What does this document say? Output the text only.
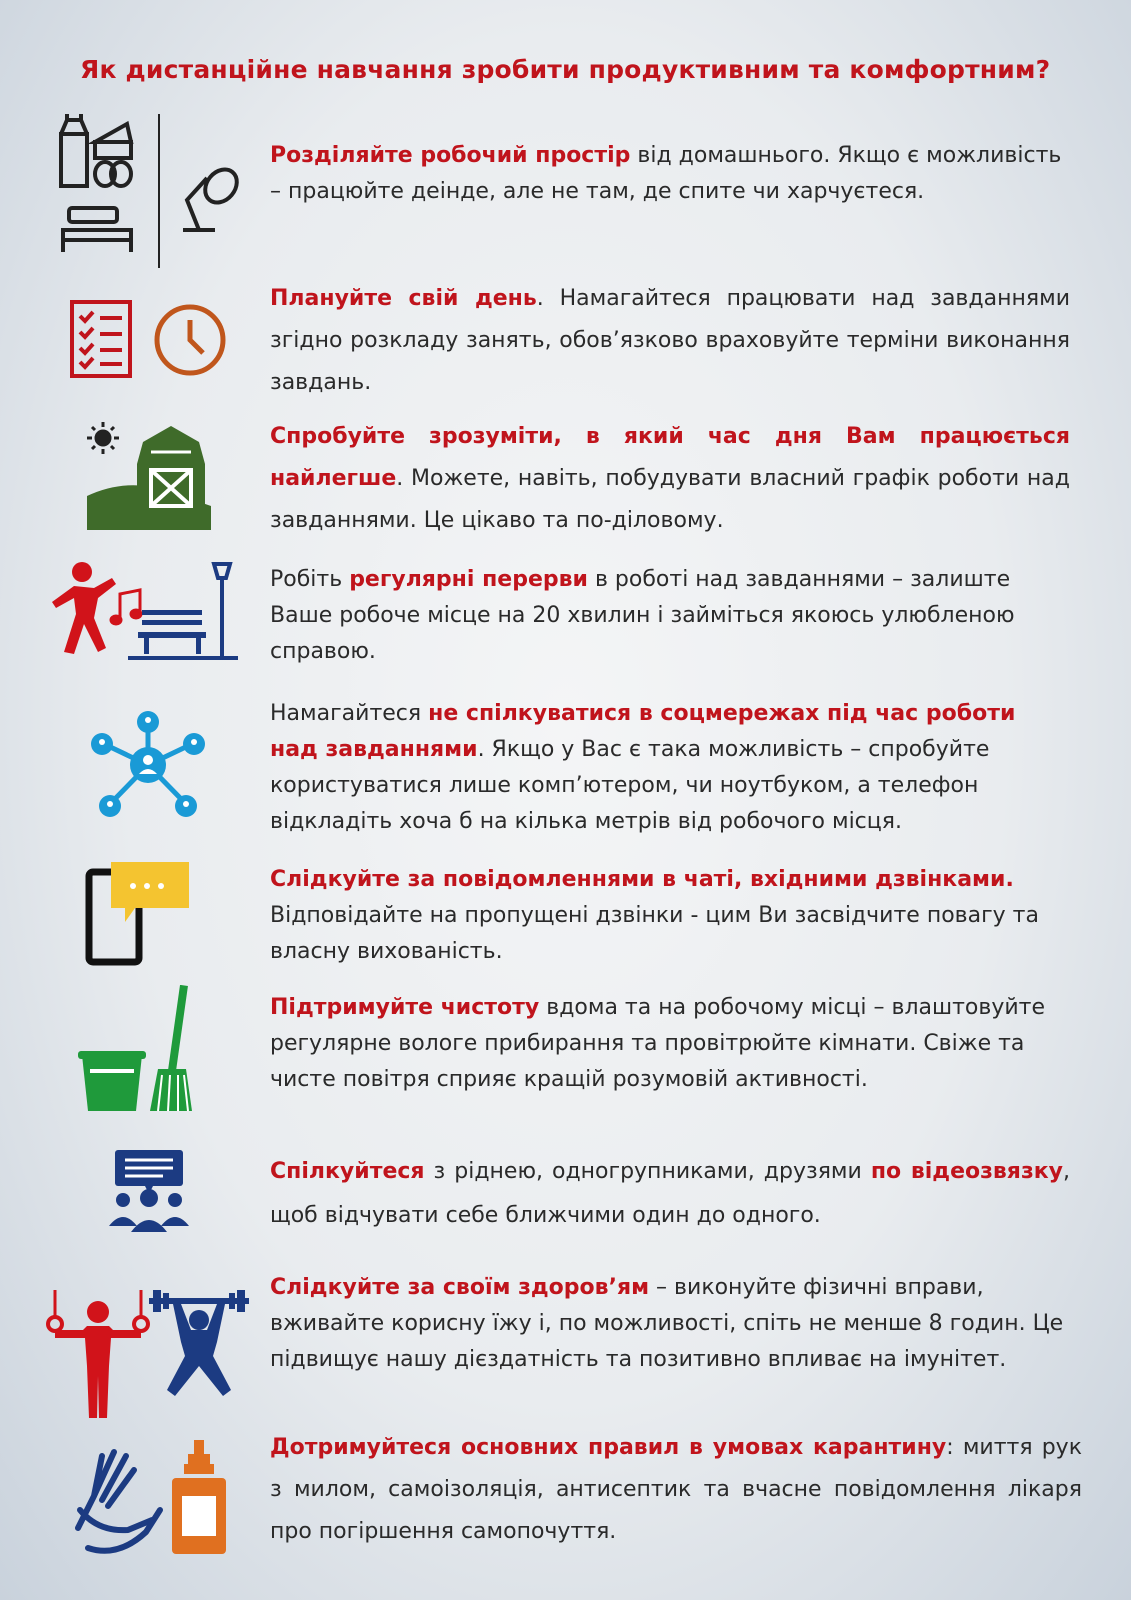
Як дистанційне навчання зробити продуктивним та комфортним?
Розділяйте робочий простір від домашнього. Якщо є можливість – працюйте деінде, але не там, де спите чи харчуєтеся.
Плануйте свій день. Намагайтеся працювати над завданнями згідно розкладу занять, обов’язково враховуйте терміни виконання завдань.
Спробуйте зрозуміти, в який час дня Вам працюється найлегше. Можете, навіть, побудувати власний графік роботи над завданнями. Це цікаво та по-діловому.
Робіть регулярні перерви в роботі над завданнями – залиште Ваше робоче місце на 20 хвилин і займіться якоюсь улюбленою справою.
Намагайтеся не спілкуватися в соцмережах під час роботи над завданнями. Якщо у Вас є така можливість – спробуйте користуватися лише комп’ютером, чи ноутбуком, а телефон відкладіть хоча б на кілька метрів від робочого місця.
Слідкуйте за повідомленнями в чаті, вхідними дзвінками. Відповідайте на пропущені дзвінки - цим Ви засвідчите повагу та власну вихованість.
Підтримуйте чистоту вдома та на робочому місці – влаштовуйте регулярне вологе прибирання та провітрюйте кімнати. Свіже та чисте повітря сприяє кращій розумовій активності.
Спілкуйтеся з ріднею, одногрупниками, друзями по відеозвязку, щоб відчувати себе ближчими один до одного.
Слідкуйте за своїм здоров’ям – виконуйте фізичні вправи, вживайте корисну їжу і, по можливості, спіть не менше 8 годин. Це підвищує нашу дієздатність та позитивно впливає на імунітет.
Дотримуйтеся основних правил в умовах карантину: миття рук з милом, самоізоляція, антисептик та вчасне повідомлення лікаря про погіршення самопочуття.
